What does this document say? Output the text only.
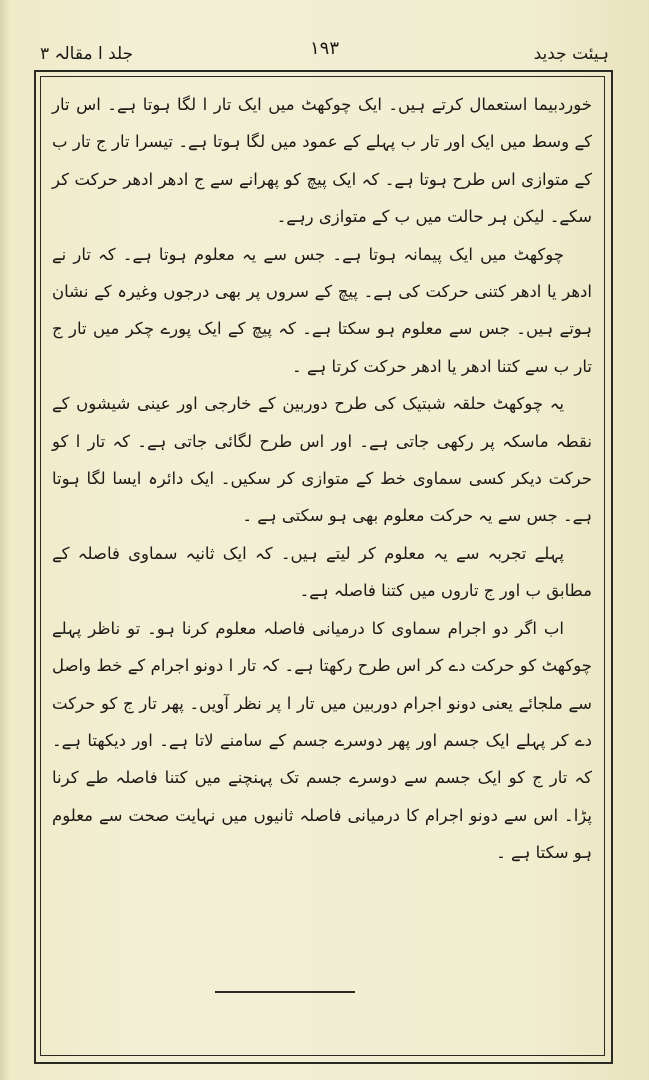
ہیئت جدید
جلد ا مقالہ ٣	١٩٣

خوردبیما استعمال کرتے ہیں۔ ایک چوکھٹ میں ایک تار ا لگا ہوتا ہے۔ اس تار کے وسط میں ایک اور تار ب پہلے کے عمود میں لگا ہوتا ہے۔ تیسرا تار ج تار ب کے متوازی اس طرح ہوتا ہے۔ کہ ایک پیچ کو پھرانے سے ج ادھر ادھر حرکت کر سکے۔ لیکن ہر حالت میں ب کے متوازی رہے۔

چوکھٹ میں ایک پیمانہ ہوتا ہے۔ جس سے یہ معلوم ہوتا ہے۔ کہ تار نے ادھر یا ادھر کتنی حرکت کی ہے۔ پیچ کے سروں پر بھی درجوں وغیرہ کے نشان ہوتے ہیں۔ جس سے معلوم ہو سکتا ہے۔ کہ پیچ کے ایک پورے چکر میں تار ج تار ب سے کتنا ادھر یا ادھر حرکت کرتا ہے ۔

یہ چوکھٹ حلقہ شبتیک کی طرح دوربین کے خارجی اور عینی شیشوں کے نقطہ ماسکہ پر رکھی جاتی ہے۔ اور اس طرح لگائی جاتی ہے۔ کہ تار ا کو حرکت دیکر کسی سماوی خط کے متوازی کر سکیں۔ ایک دائرہ ایسا لگا ہوتا ہے۔ جس سے یہ حرکت معلوم بھی ہو سکتی ہے ۔

پہلے تجربہ سے یہ معلوم کر لیتے ہیں۔ کہ ایک ثانیہ سماوی فاصلہ کے مطابق ب اور ج تاروں میں کتنا فاصلہ ہے۔

اب اگر دو اجرام سماوی کا درمیانی فاصلہ معلوم کرنا ہو۔ تو ناظر پہلے چوکھٹ کو حرکت دے کر اس طرح رکھتا ہے۔ کہ تار ا دونو اجرام کے خط واصل سے ملجائے یعنی دونو اجرام دوربین میں تار ا پر نظر آویں۔ پھر تار ج کو حرکت دے کر پہلے ایک جسم اور پھر دوسرے جسم کے سامنے لاتا ہے۔ اور دیکھتا ہے۔ کہ تار ج کو ایک جسم سے دوسرے جسم تک پہنچنے میں کتنا فاصلہ طے کرنا پڑا۔ اس سے دونو اجرام کا درمیانی فاصلہ ثانیوں میں نہایت صحت سے معلوم ہو سکتا ہے ۔
